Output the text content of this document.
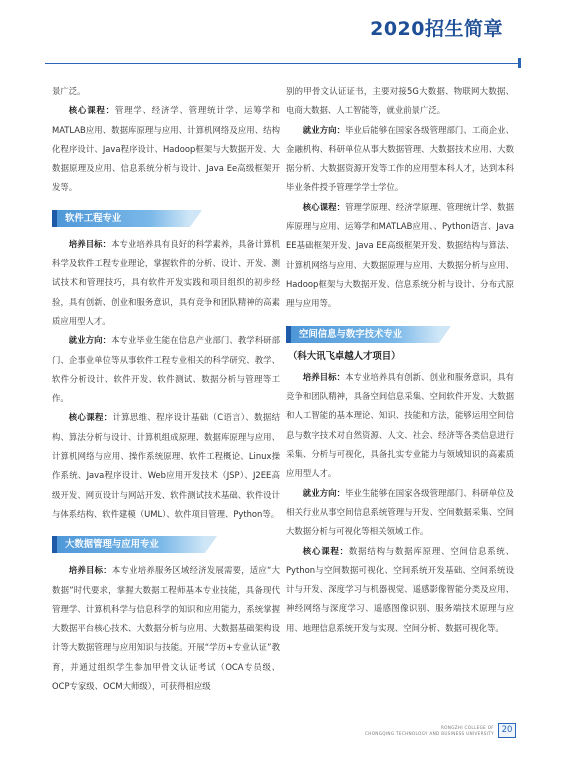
2020招生简章

景广泛。

核心课程：管理学、经济学、管理统计学、运筹学和MATLAB应用、数据库原理与应用、计算机网络及应用、结构化程序设计、Java程序设计、Hadoop框架与大数据开发、大数据原理及应用、信息系统分析与设计、Java Ee高级框架开发等。

软件工程专业

培养目标：本专业培养具有良好的科学素养，具备计算机科学及软件工程专业理论，掌握软件的分析、设计、开发、测试技术和管理技巧，具有软件开发实践和项目组织的初步经验，具有创新、创业和服务意识，具有竞争和团队精神的高素质应用型人才。

就业方向：本专业毕业生能在信息产业部门、教学科研部门、企事业单位等从事软件工程专业相关的科学研究、教学、软件分析设计、软件开发、软件测试、数据分析与管理等工作。

核心课程：计算思维、程序设计基础（C语言）、数据结构、算法分析与设计、计算机组成原理、数据库原理与应用、计算机网络与应用、操作系统原理、软件工程概论、Linux操作系统、Java程序设计、Web应用开发技术（JSP）、J2EE高级开发、网页设计与网站开发、软件测试技术基础、软件设计与体系结构、软件建模（UML）、软件项目管理、Python等。

大数据管理与应用专业

培养目标：本专业培养服务区域经济发展需要，适应“大数据”时代要求，掌握大数据工程师基本专业技能，具备现代管理学、计算机科学与信息科学的知识和应用能力，系统掌握大数据平台核心技术、大数据分析与应用、大数据基础架构设计等大数据管理与应用知识与技能。开展“学历+专业认证”教育，并通过组织学生参加甲骨文认证考试（OCA专员级、OCP专家级、OCM大师级），可获得相应级

别的甲骨文认证证书，主要对接5G大数据、物联网大数据、电商大数据、人工智能等，就业前景广泛。

就业方向：毕业后能够在国家各级管理部门、工商企业、金融机构、科研单位从事大数据管理、大数据技术应用、大数据分析、大数据资源开发等工作的应用型本科人才，达到本科毕业条件授予管理学学士学位。

核心课程：管理学原理、经济学原理、管理统计学、数据库原理与应用、运筹学和MATLAB应用、、Python语言、Java EE基础框架开发、Java EE高级框架开发、数据结构与算法、计算机网络与应用、大数据原理与应用、大数据分析与应用、Hadoop框架与大数据开发、信息系统分析与设计、分布式原理与应用等。

空间信息与数字技术专业
（科大讯飞卓越人才项目）

培养目标：本专业培养具有创新、创业和服务意识，具有竞争和团队精神，具备空间信息采集、空间软件开发、大数据和人工智能的基本理论、知识、技能和方法，能够运用空间信息与数字技术对自然资源、人文、社会、经济等各类信息进行采集、分析与可视化，具备扎实专业能力与领域知识的高素质应用型人才。

就业方向：毕业生能够在国家各级管理部门、科研单位及相关行业从事空间信息系统管理与开发、空间数据采集、空间大数据分析与可视化等相关领域工作。

核心课程：数据结构与数据库原理、空间信息系统、Python与空间数据可视化、空间系统开发基础、空间系统设计与开发、深度学习与机器视觉、遥感影像智能分类及应用、神经网络与深度学习、遥感图像识别、服务端技术原理与应用、地理信息系统开发与实现、空间分析、数据可视化等。

RONGZHI COLLEGE OF
CHONGQING TECHNOLOGY AND BUSINESS UNIVERSITY 20
